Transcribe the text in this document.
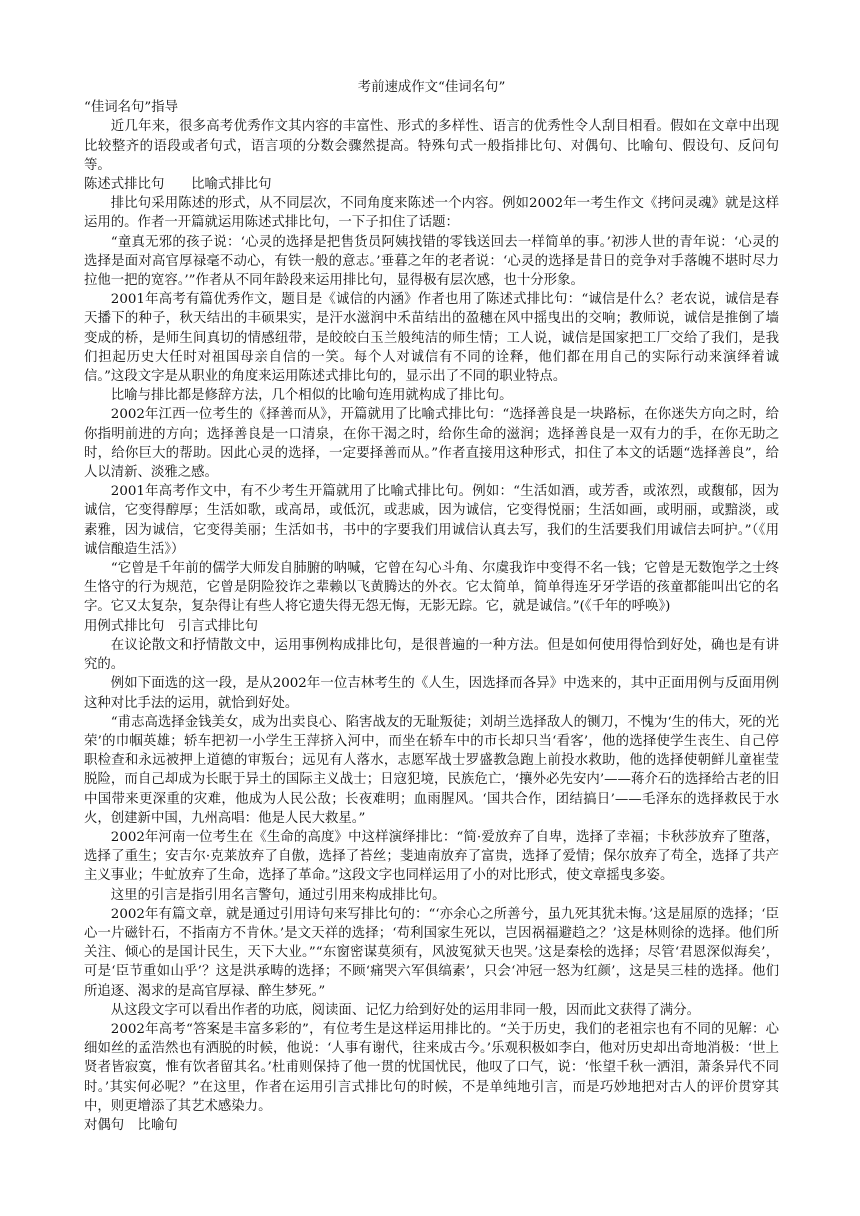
考前速成作文“佳词名句”
“佳词名句”指导

近几年来，很多高考优秀作文其内容的丰富性、形式的多样性、语言的优秀性令人刮目相看。假如在文章中出现比较整齐的语段或者句式，语言项的分数会骤然提高。特殊句式一般指排比句、对偶句、比喻句、假设句、反问句等。

陈述式排比句　　比喻式排比句

排比句采用陈述的形式，从不同层次，不同角度来陈述一个内容。例如2002年一考生作文《拷问灵魂》就是这样运用的。作者一开篇就运用陈述式排比句，一下子扣住了话题：

“童真无邪的孩子说：‘心灵的选择是把售货员阿姨找错的零钱送回去一样简单的事。’初涉人世的青年说：‘心灵的选择是面对高官厚禄毫不动心，有铁一般的意志。’垂暮之年的老者说：‘心灵的选择是昔日的竞争对手落魄不堪时尽力拉他一把的宽容。’”作者从不同年龄段来运用排比句，显得极有层次感，也十分形象。

2001年高考有篇优秀作文，题目是《诚信的内涵》作者也用了陈述式排比句：“诚信是什么？老农说，诚信是春天播下的种子，秋天结出的丰硕果实，是汗水滋润中禾苗结出的盈穗在风中摇曳出的交响；教师说，诚信是推倒了墙变成的桥，是师生间真切的情感纽带，是皎皎白玉兰般纯洁的师生情；工人说，诚信是国家把工厂交给了我们，是我们担起历史大任时对祖国母亲自信的一笑。每个人对诚信有不同的诠释，他们都在用自己的实际行动来演绎着诚信。”这段文字是从职业的角度来运用陈述式排比句的，显示出了不同的职业特点。

比喻与排比都是修辞方法，几个相似的比喻句连用就构成了排比句。

2002年江西一位考生的《择善而从》，开篇就用了比喻式排比句：“选择善良是一块路标，在你迷失方向之时，给你指明前进的方向；选择善良是一口清泉，在你干渴之时，给你生命的滋润；选择善良是一双有力的手，在你无助之时，给你巨大的帮助。因此心灵的选择，一定要择善而从。”作者直接用这种形式，扣住了本文的话题“选择善良”，给人以清新、淡雅之感。

2001年高考作文中，有不少考生开篇就用了比喻式排比句。例如：“生活如酒，或芳香，或浓烈，或馥郁，因为诚信，它变得醇厚；生活如歌，或高昂，或低沉，或悲戚，因为诚信，它变得悦丽；生活如画，或明丽，或黯淡，或素雅，因为诚信，它变得美丽；生活如书，书中的字要我们用诚信认真去写，我们的生活要我们用诚信去呵护。”（《用诚信酿造生活》）

“它曾是千年前的儒学大师发自肺腑的呐喊，它曾在勾心斗角、尔虞我诈中变得不名一钱；它曾是无数饱学之士终生恪守的行为规范，它曾是阴险狡诈之辈赖以飞黄腾达的外衣。它太简单，简单得连牙牙学语的孩童都能叫出它的名字。它又太复杂，复杂得让有些人将它遗失得无怨无悔，无影无踪。它，就是诚信。”(《千年的呼唤》)

用例式排比句　引言式排比句

在议论散文和抒情散文中，运用事例构成排比句，是很普遍的一种方法。但是如何使用得恰到好处，确也是有讲究的。

例如下面选的这一段，是从2002年一位吉林考生的《人生，因选择而各异》中选来的，其中正面用例与反面用例这种对比手法的运用，就恰到好处。

“甫志高选择金钱美女，成为出卖良心、陷害战友的无耻叛徒；刘胡兰选择敌人的铡刀，不愧为‘生的伟大，死的光荣’的巾帼英雄；轿车把初一小学生王萍挤入河中，而坐在轿车中的市长却只当‘看客’，他的选择使学生丧生、自己停职检查和永远被押上道德的审叛台；远见有人落水，志愿军战士罗盛教急跑上前投水救助，他的选择使朝鲜儿童崔莹脱险，而自己却成为长眠于异土的国际主义战士；日寇犯境，民族危亡，‘攘外必先安内’——蒋介石的选择给古老的旧中国带来更深重的灾难，他成为人民公敌；长夜难明；血雨腥风。‘国共合作，团结搞日’——毛泽东的选择救民于水火，创建新中国，九州高唱：他是人民大救星。”

2002年河南一位考生在《生命的高度》中这样演绎排比：“简·爱放弃了自卑，选择了幸福；卡秋莎放弃了堕落，选择了重生；安吉尔·克莱放弃了自傲，选择了苔丝；斐迪南放弃了富贵，选择了爱情；保尔放弃了苟全，选择了共产主义事业；牛虻放弃了生命，选择了革命。”这段文字也同样运用了小的对比形式，使文章摇曳多姿。

这里的引言是指引用名言警句，通过引用来构成排比句。

2002年有篇文章，就是通过引用诗句来写排比句的：“‘亦余心之所善兮，虽九死其犹未悔。’这是屈原的选择；‘臣心一片磁针石，不指南方不肯休。’是文天祥的选择；‘苟利国家生死以，岂因祸福避趋之？’这是林则徐的选择。他们所关注、倾心的是国计民生，天下大业。”“东窗密谋莫须有，风波冤狱天也哭。’这是秦桧的选择；尽管‘君恩深似海矣’，可是‘臣节重如山乎’？这是洪承畴的选择；不顾‘痛哭六军俱缟素’，只会‘冲冠一怒为红颜’，这是吴三桂的选择。他们所追逐、渴求的是高官厚禄、醉生梦死。”

从这段文字可以看出作者的功底，阅读面、记忆力给到好处的运用非同一般，因而此文获得了满分。

2002年高考“答案是丰富多彩的”，有位考生是这样运用排比的。“关于历史，我们的老祖宗也有不同的见解：心细如丝的孟浩然也有洒脱的时候，他说：‘人事有谢代，往来成古今。’乐观积极如李白，他对历史却出奇地消极：‘世上贤者皆寂寞，惟有饮者留其名。’杜甫则保持了他一贯的忧国忧民，他叹了口气，说：‘怅望千秋一洒泪，萧条异代不同时。’其实何必呢？”在这里，作者在运用引言式排比句的时候，不是单纯地引言，而是巧妙地把对古人的评价贯穿其中，则更增添了其艺术感染力。

对偶句　比喻句
